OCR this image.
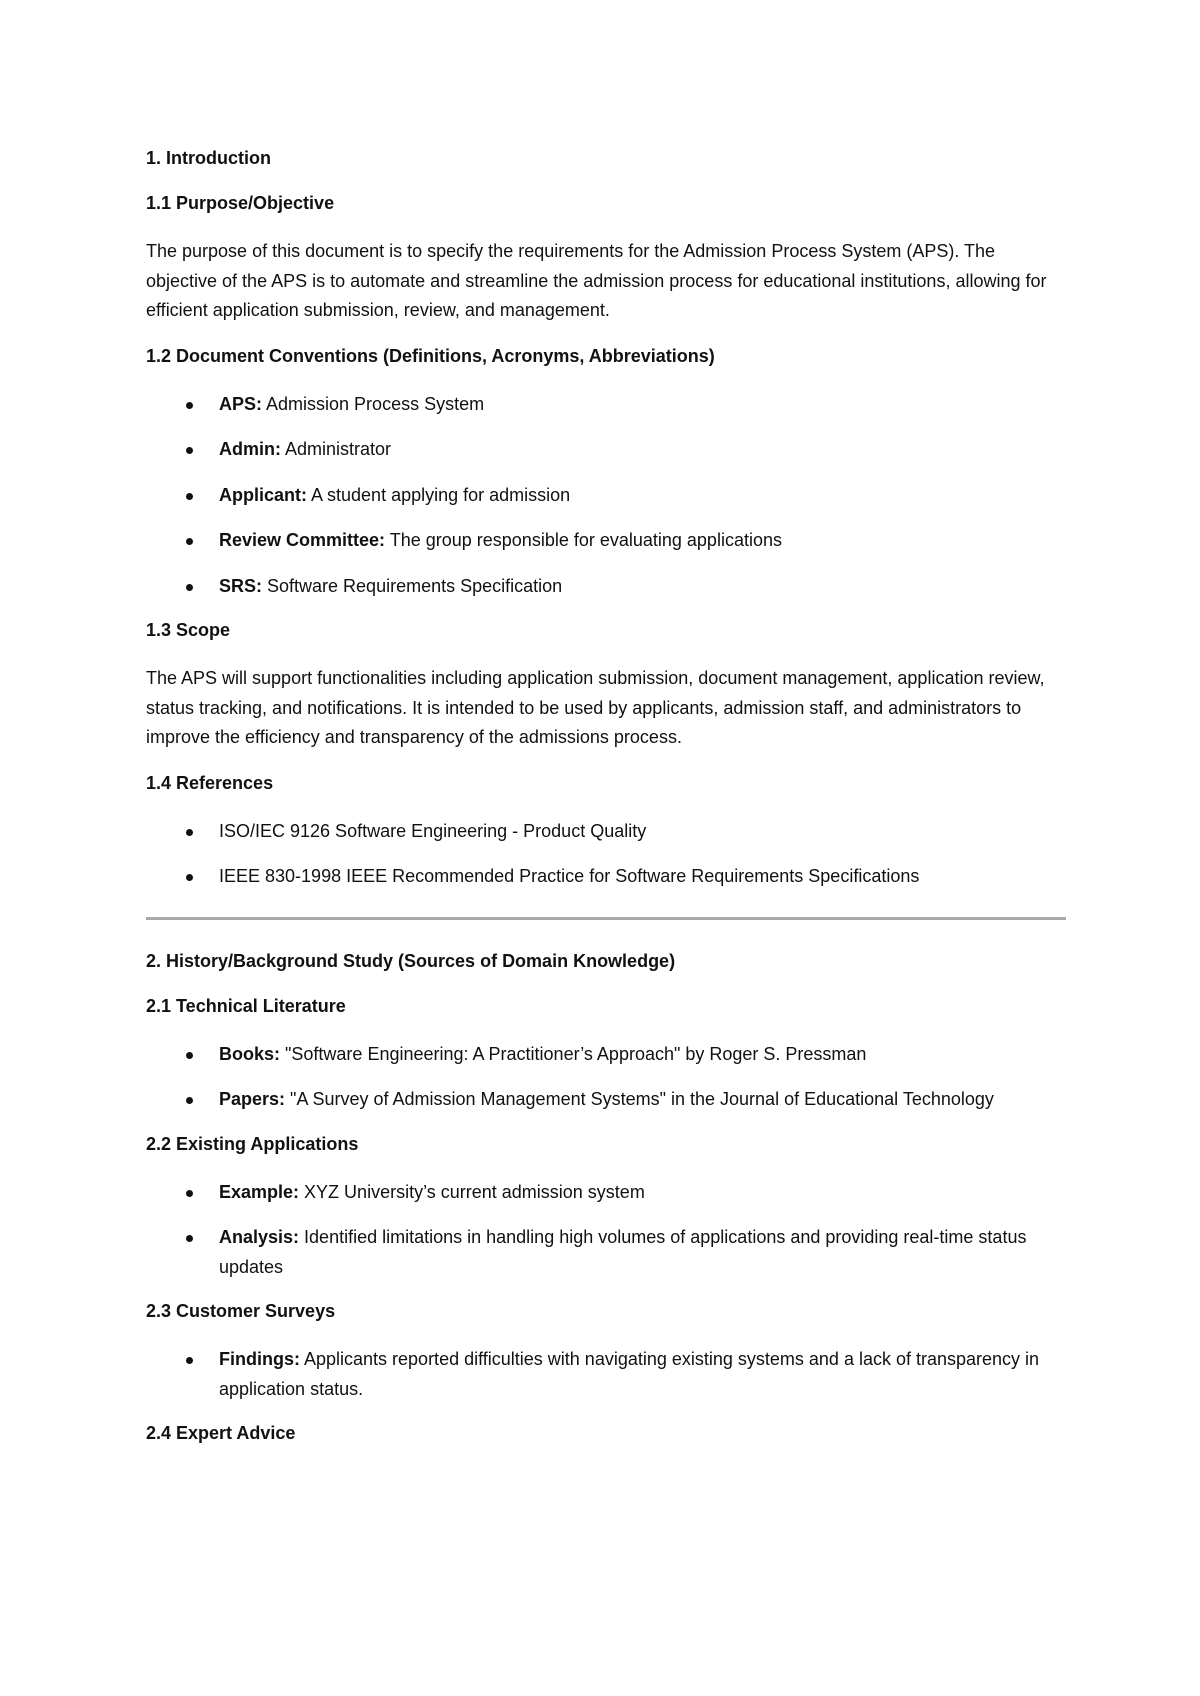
1. Introduction
1.1 Purpose/Objective

The purpose of this document is to specify the requirements for the Admission Process System (APS). The objective of the APS is to automate and streamline the admission process for educational institutions, allowing for efficient application submission, review, and management.

1.2 Document Conventions (Definitions, Acronyms, Abbreviations)
APS: Admission Process System
Admin: Administrator
Applicant: A student applying for admission
Review Committee: The group responsible for evaluating applications
SRS: Software Requirements Specification
1.3 Scope

The APS will support functionalities including application submission, document management, application review, status tracking, and notifications. It is intended to be used by applicants, admission staff, and administrators to improve the efficiency and transparency of the admissions process.

1.4 References
ISO/IEC 9126 Software Engineering - Product Quality
IEEE 830-1998 IEEE Recommended Practice for Software Requirements Specifications
2. History/Background Study (Sources of Domain Knowledge)
2.1 Technical Literature
Books: "Software Engineering: A Practitioner’s Approach" by Roger S. Pressman
Papers: "A Survey of Admission Management Systems" in the Journal of Educational Technology
2.2 Existing Applications
Example: XYZ University’s current admission system
Analysis: Identified limitations in handling high volumes of applications and providing real-time status updates
2.3 Customer Surveys
Findings: Applicants reported difficulties with navigating existing systems and a lack of transparency in application status.
2.4 Expert Advice
